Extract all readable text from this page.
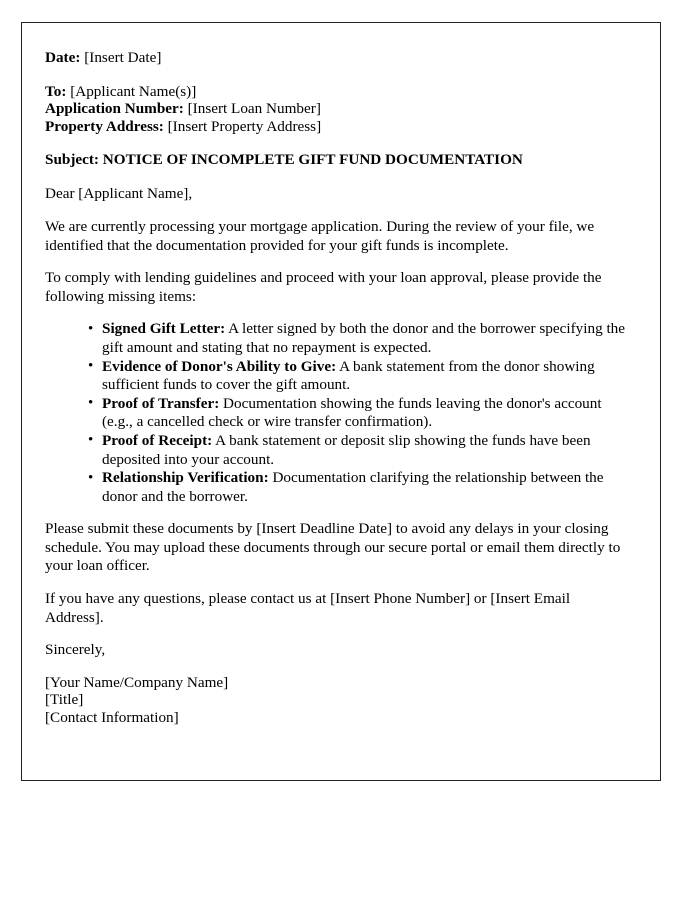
Date: [Insert Date]
To: [Applicant Name(s)]
Application Number: [Insert Loan Number]
Property Address: [Insert Property Address]
Subject: NOTICE OF INCOMPLETE GIFT FUND DOCUMENTATION

Dear [Applicant Name],

We are currently processing your mortgage application. During the review of your file, we identified that the documentation provided for your gift funds is incomplete.

To comply with lending guidelines and proceed with your loan approval, please provide the following missing items:

• Signed Gift Letter: A letter signed by both the donor and the borrower specifying the gift amount and stating that no repayment is expected.
• Evidence of Donor's Ability to Give: A bank statement from the donor showing sufficient funds to cover the gift amount.
• Proof of Transfer: Documentation showing the funds leaving the donor's account (e.g., a cancelled check or wire transfer confirmation).
• Proof of Receipt: A bank statement or deposit slip showing the funds have been deposited into your account.
• Relationship Verification: Documentation clarifying the relationship between the donor and the borrower.

Please submit these documents by [Insert Deadline Date] to avoid any delays in your closing schedule. You may upload these documents through our secure portal or email them directly to your loan officer.

If you have any questions, please contact us at [Insert Phone Number] or [Insert Email Address].

Sincerely,

[Your Name/Company Name]
[Title]
[Contact Information]
